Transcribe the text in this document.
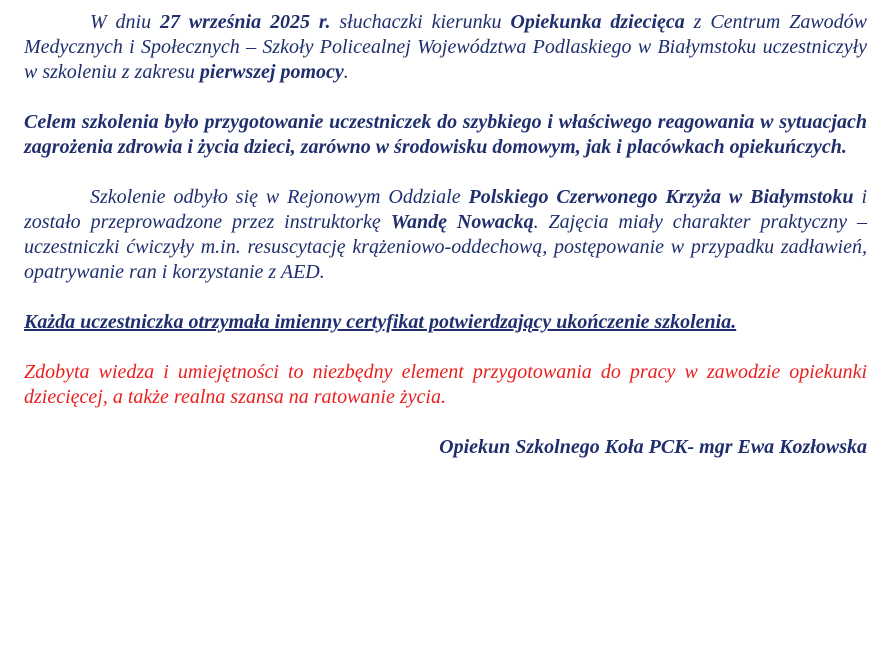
W dniu 27 września 2025 r. słuchaczki kierunku Opiekunka dziecięca z Centrum Zawodów Medycznych i Społecznych – Szkoły Policealnej Województwa Podlaskiego w Białymstoku uczestniczyły w szkoleniu z zakresu pierwszej pomocy.

Celem szkolenia było przygotowanie uczestniczek do szybkiego i właściwego reagowania w sytuacjach zagrożenia zdrowia i życia dzieci, zarówno w środowisku domowym, jak i placówkach opiekuńczych.

Szkolenie odbyło się w Rejonowym Oddziale Polskiego Czerwonego Krzyża w Białymstoku i zostało przeprowadzone przez instruktorkę Wandę Nowacką. Zajęcia miały charakter praktyczny – uczestniczki ćwiczyły m.in. resuscytację krążeniowo-oddechową, postępowanie w przypadku zadławień, opatrywanie ran i korzystanie z AED.

Każda uczestniczka otrzymała imienny certyfikat potwierdzający ukończenie szkolenia.

Zdobyta wiedza i umiejętności to niezbędny element przygotowania do pracy w zawodzie opiekunki dziecięcej, a także realna szansa na ratowanie życia.

Opiekun Szkolnego Koła PCK- mgr Ewa Kozłowska
